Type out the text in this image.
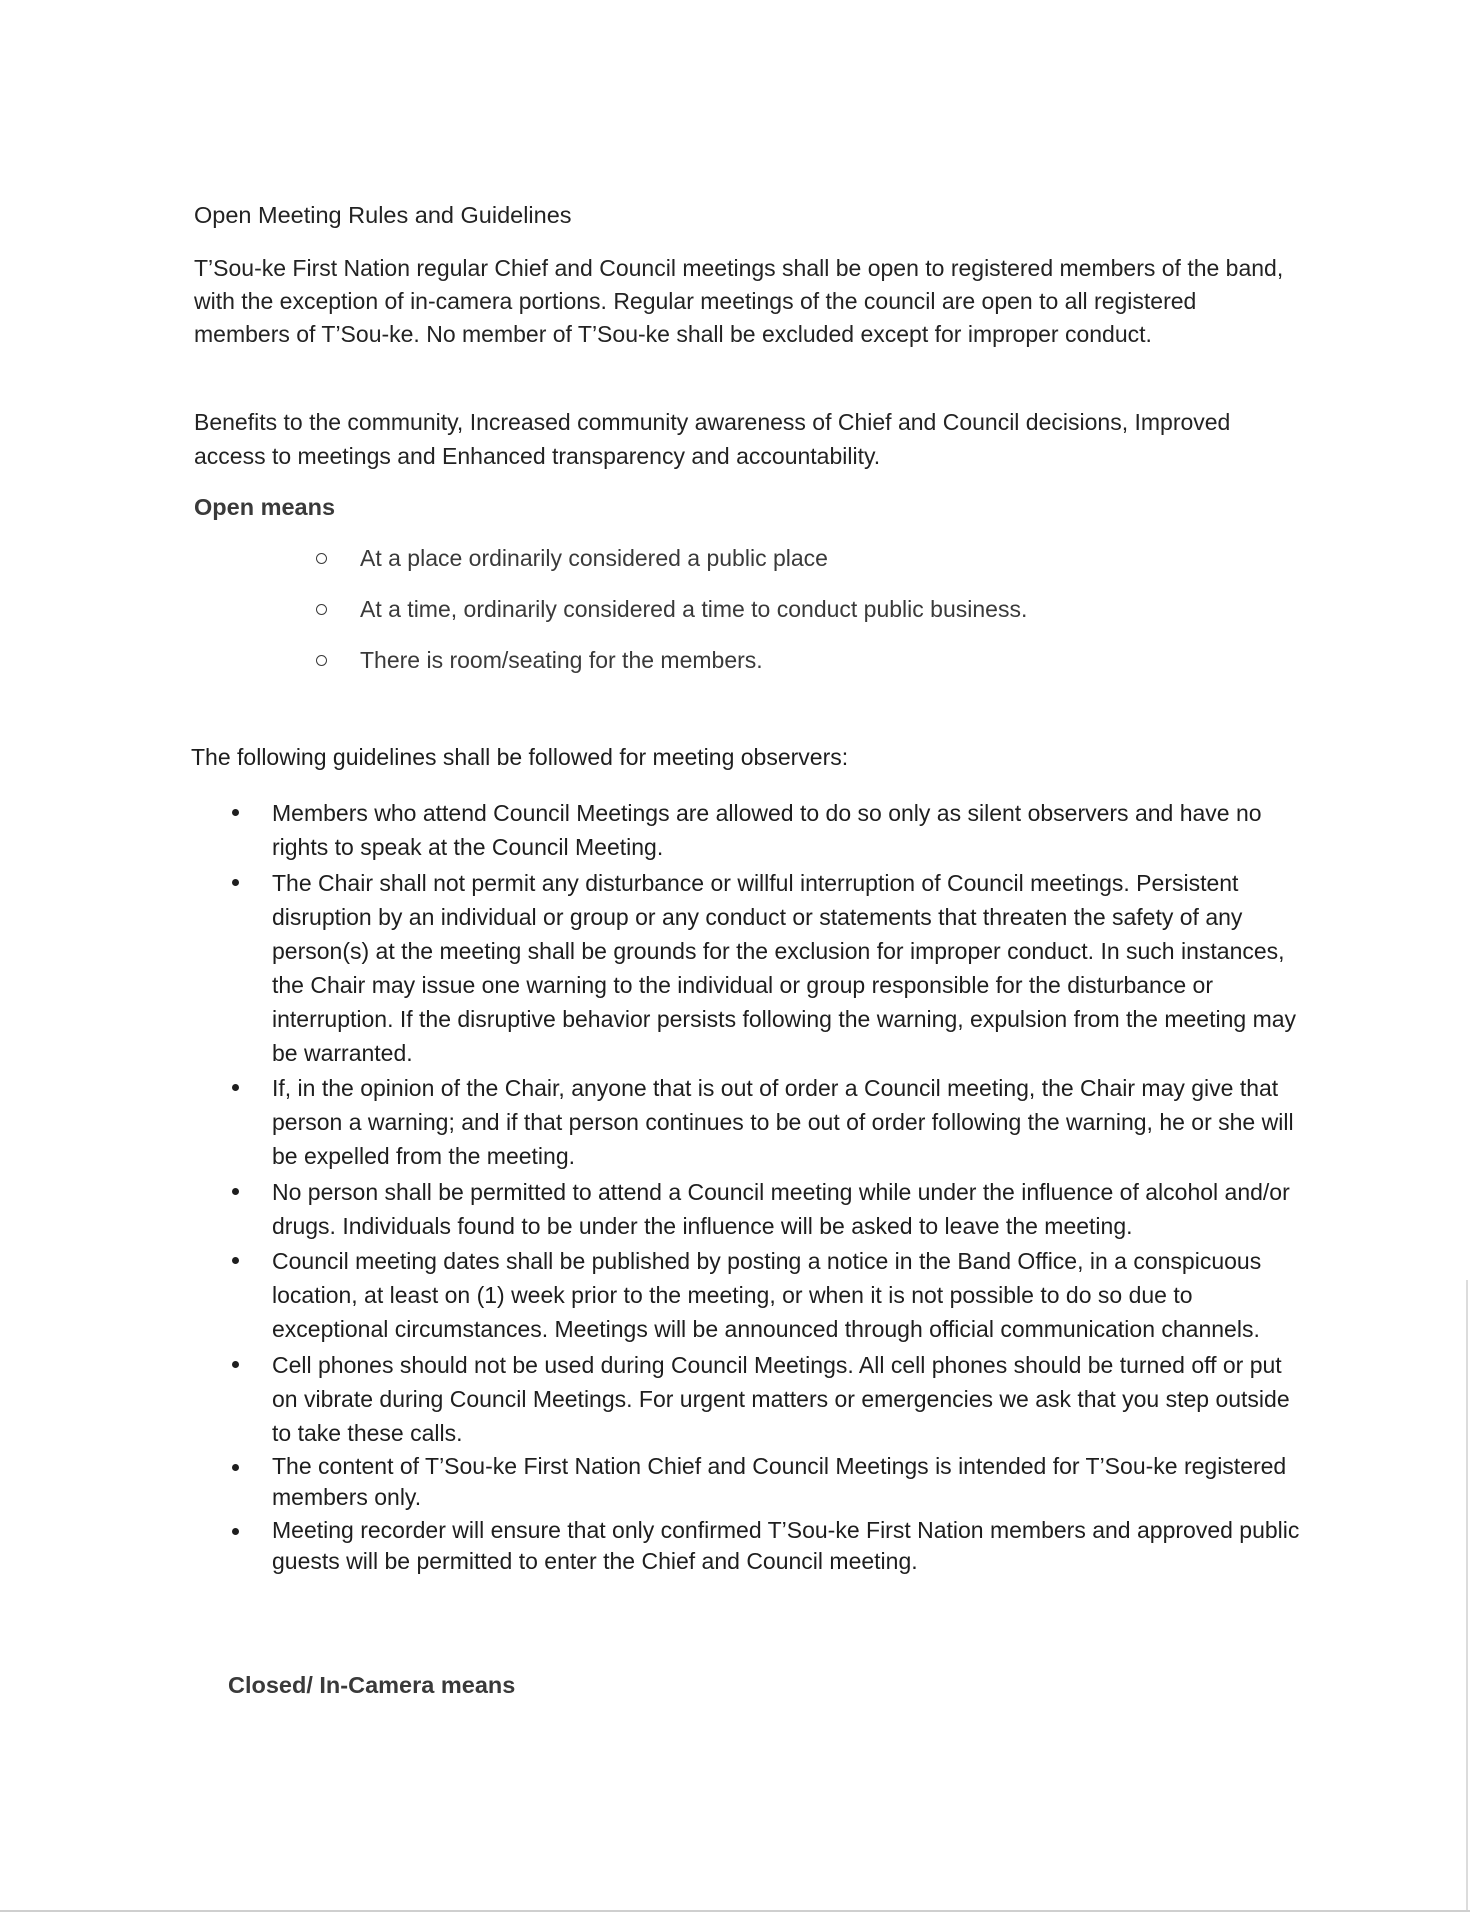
Open Meeting Rules and Guidelines

T’Sou-ke First Nation regular Chief and Council meetings shall be open to registered members of the band, with the exception of in-camera portions. Regular meetings of the council are open to all registered members of T’Sou-ke. No member of T’Sou-ke shall be excluded except for improper conduct.

Benefits to the community, Increased community awareness of Chief and Council decisions, Improved access to meetings and Enhanced transparency and accountability.

Open means
At a place ordinarily considered a public place
At a time, ordinarily considered a time to conduct public business.
There is room/seating for the members.
The following guidelines shall be followed for meeting observers:
Members who attend Council Meetings are allowed to do so only as silent observers and have no rights to speak at the Council Meeting.
The Chair shall not permit any disturbance or willful interruption of Council meetings. Persistent disruption by an individual or group or any conduct or statements that threaten the safety of any person(s) at the meeting shall be grounds for the exclusion for improper conduct. In such instances, the Chair may issue one warning to the individual or group responsible for the disturbance or interruption. If the disruptive behavior persists following the warning, expulsion from the meeting may be warranted.
If, in the opinion of the Chair, anyone that is out of order a Council meeting, the Chair may give that person a warning; and if that person continues to be out of order following the warning, he or she will be expelled from the meeting.
No person shall be permitted to attend a Council meeting while under the influence of alcohol and/or drugs. Individuals found to be under the influence will be asked to leave the meeting.
Council meeting dates shall be published by posting a notice in the Band Office, in a conspicuous location, at least on (1) week prior to the meeting, or when it is not possible to do so due to exceptional circumstances. Meetings will be announced through official communication channels.
Cell phones should not be used during Council Meetings. All cell phones should be turned off or put on vibrate during Council Meetings. For urgent matters or emergencies we ask that you step outside to take these calls.
The content of T’Sou-ke First Nation Chief and Council Meetings is intended for T’Sou-ke registered members only.
Meeting recorder will ensure that only confirmed T’Sou-ke First Nation members and approved public guests will be permitted to enter the Chief and Council meeting.
Closed/ In-Camera means
